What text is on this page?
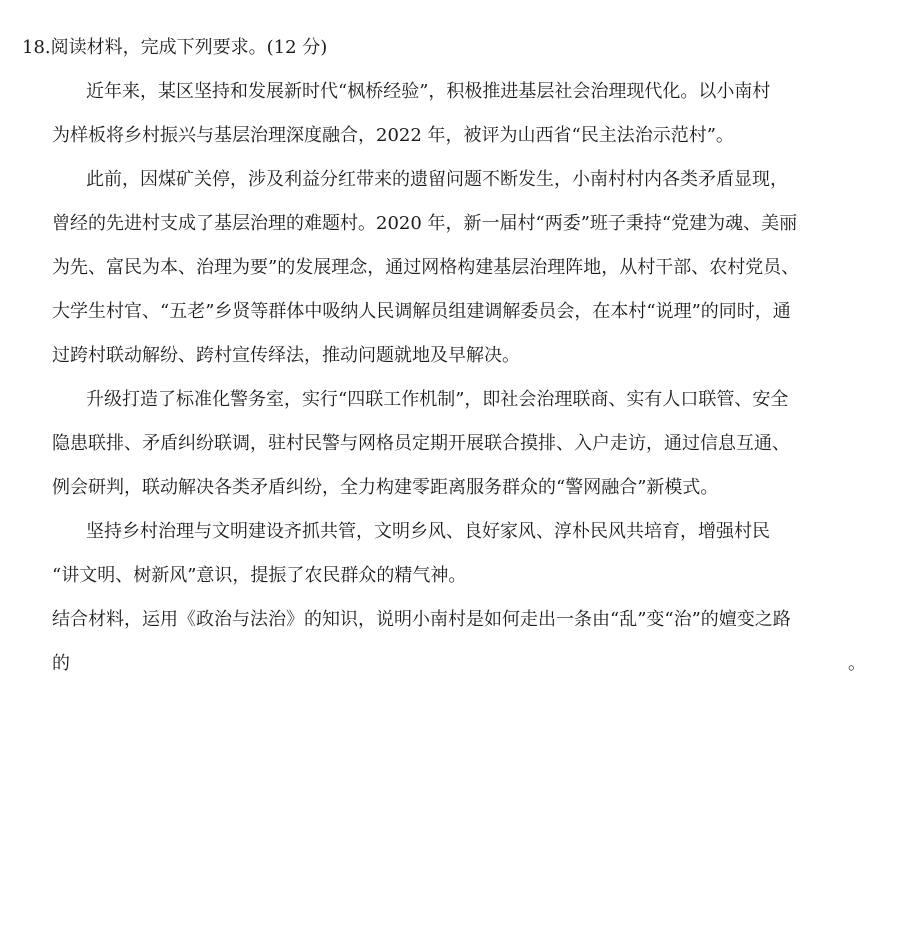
18.阅读材料，完成下列要求。(12 分)
近年来，某区坚持和发展新时代“枫桥经验”，积极推进基层社会治理现代化。以小南村
为样板将乡村振兴与基层治理深度融合，2022 年，被评为山西省“民主法治示范村”。
此前，因煤矿关停，涉及利益分红带来的遗留问题不断发生，小南村村内各类矛盾显现，
曾经的先进村支成了基层治理的难题村。2020 年，新一届村“两委”班子秉持“党建为魂、美丽
为先、富民为本、治理为要”的发展理念，通过网格构建基层治理阵地，从村干部、农村党员、
大学生村官、“五老”乡贤等群体中吸纳人民调解员组建调解委员会，在本村“说理”的同时，通
过跨村联动解纷、跨村宣传绎法，推动问题就地及早解决。
升级打造了标准化警务室，实行“四联工作机制”，即社会治理联商、实有人口联管、安全
隐患联排、矛盾纠纷联调，驻村民警与网格员定期开展联合摸排、入户走访，通过信息互通、
例会研判，联动解决各类矛盾纠纷，全力构建零距离服务群众的“警网融合”新模式。
坚持乡村治理与文明建设齐抓共管，文明乡风、良好家风、淳朴民风共培育，增强村民
“讲文明、树新风”意识，提振了农民群众的精气神。
结合材料，运用《政治与法治》的知识，说明小南村是如何走出一条由“乱”变“治”的嬗变之路
的	。
